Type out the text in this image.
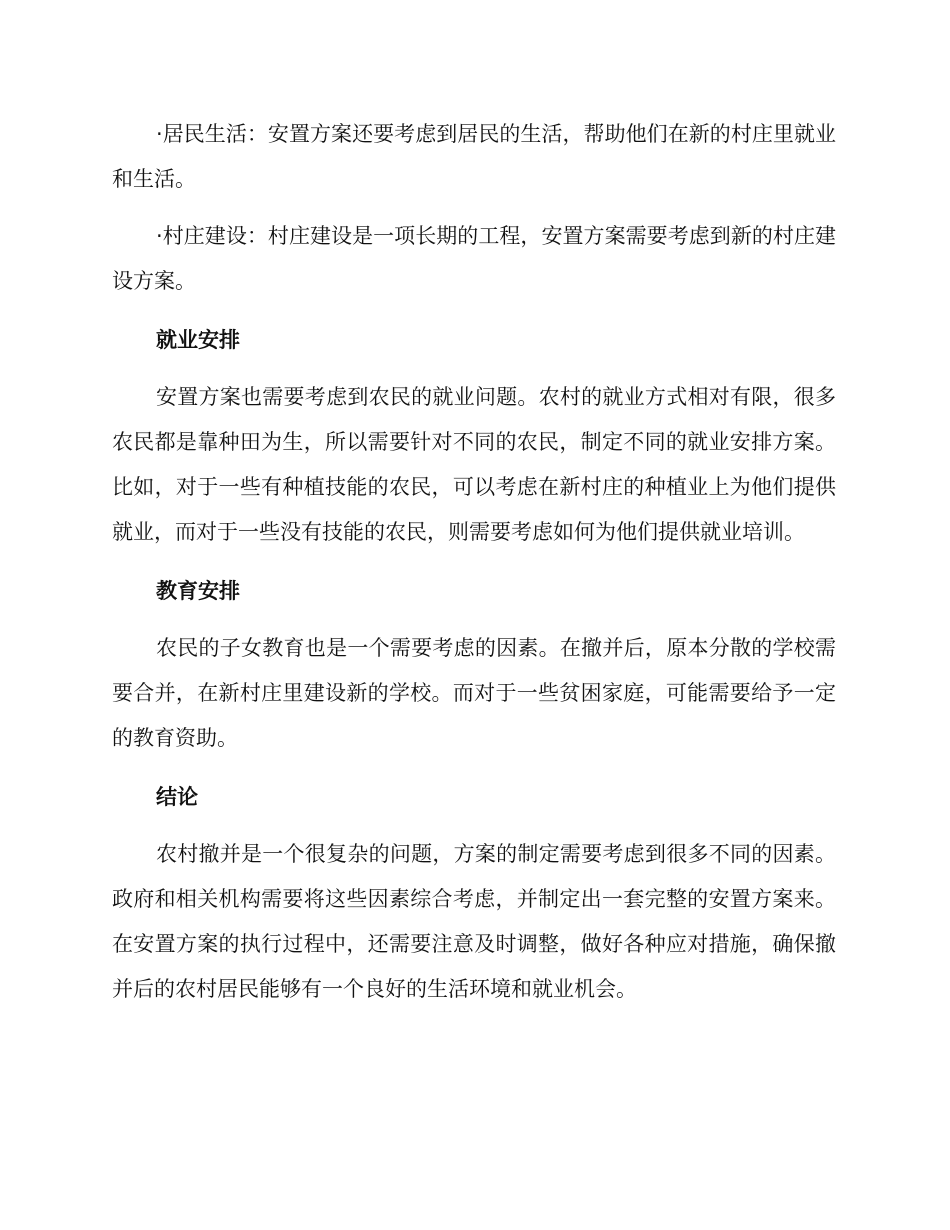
·居民生活：安置方案还要考虑到居民的生活，帮助他们在新的村庄里就业和生活。

·村庄建设：村庄建设是一项长期的工程，安置方案需要考虑到新的村庄建设方案。

就业安排

安置方案也需要考虑到农民的就业问题。农村的就业方式相对有限，很多农民都是靠种田为生，所以需要针对不同的农民，制定不同的就业安排方案。比如，对于一些有种植技能的农民，可以考虑在新村庄的种植业上为他们提供就业，而对于一些没有技能的农民，则需要考虑如何为他们提供就业培训。

教育安排

农民的子女教育也是一个需要考虑的因素。在撤并后，原本分散的学校需要合并，在新村庄里建设新的学校。而对于一些贫困家庭，可能需要给予一定的教育资助。

结论

农村撤并是一个很复杂的问题，方案的制定需要考虑到很多不同的因素。政府和相关机构需要将这些因素综合考虑，并制定出一套完整的安置方案来。在安置方案的执行过程中，还需要注意及时调整，做好各种应对措施，确保撤并后的农村居民能够有一个良好的生活环境和就业机会。
